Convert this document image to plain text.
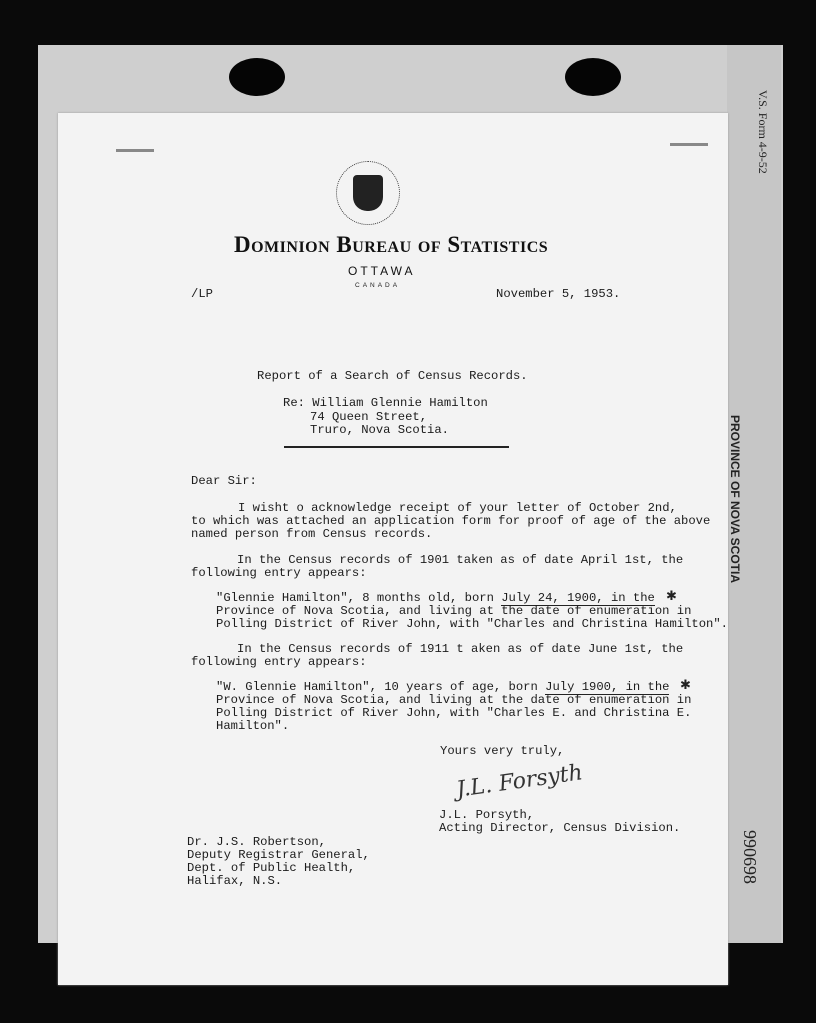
V.S. Form 4-9-52
PROVINCE OF NOVA SCOTIA
990698
Dominion Bureau of Statistics
OTTAWA
CANADA
/LP	November 5, 1953.
Report of a Search of Census Records.
Re: William Glennie Hamilton
74 Queen Street,
Truro, Nova Scotia.
Dear Sir:
I wisht o acknowledge receipt of your letter of October 2nd,
to which was attached an application form for proof of age of the above
named person from Census records.
In the Census records of 1901 taken as of date April 1st, the
following entry appears:
"Glennie Hamilton", 8 months old, born July 24, 1900, in the ✱
Province of Nova Scotia, and living at the date of enumeration in
Polling District of River John, with "Charles and Christina Hamilton".
In the Census records of 1911 t aken as of date June 1st, the
following entry appears:
"W. Glennie Hamilton", 10 years of age, born July 1900, in the ✱
Province of Nova Scotia, and living at the date of enumeration in
Polling District of River John, with "Charles E. and Christina E.
Hamilton".
Yours very truly,
J.L. Forsyth
J.L. Porsyth,
Acting Director, Census Division.
Dr. J.S. Robertson,
Deputy Registrar General,
Dept. of Public Health,
Halifax, N.S.
